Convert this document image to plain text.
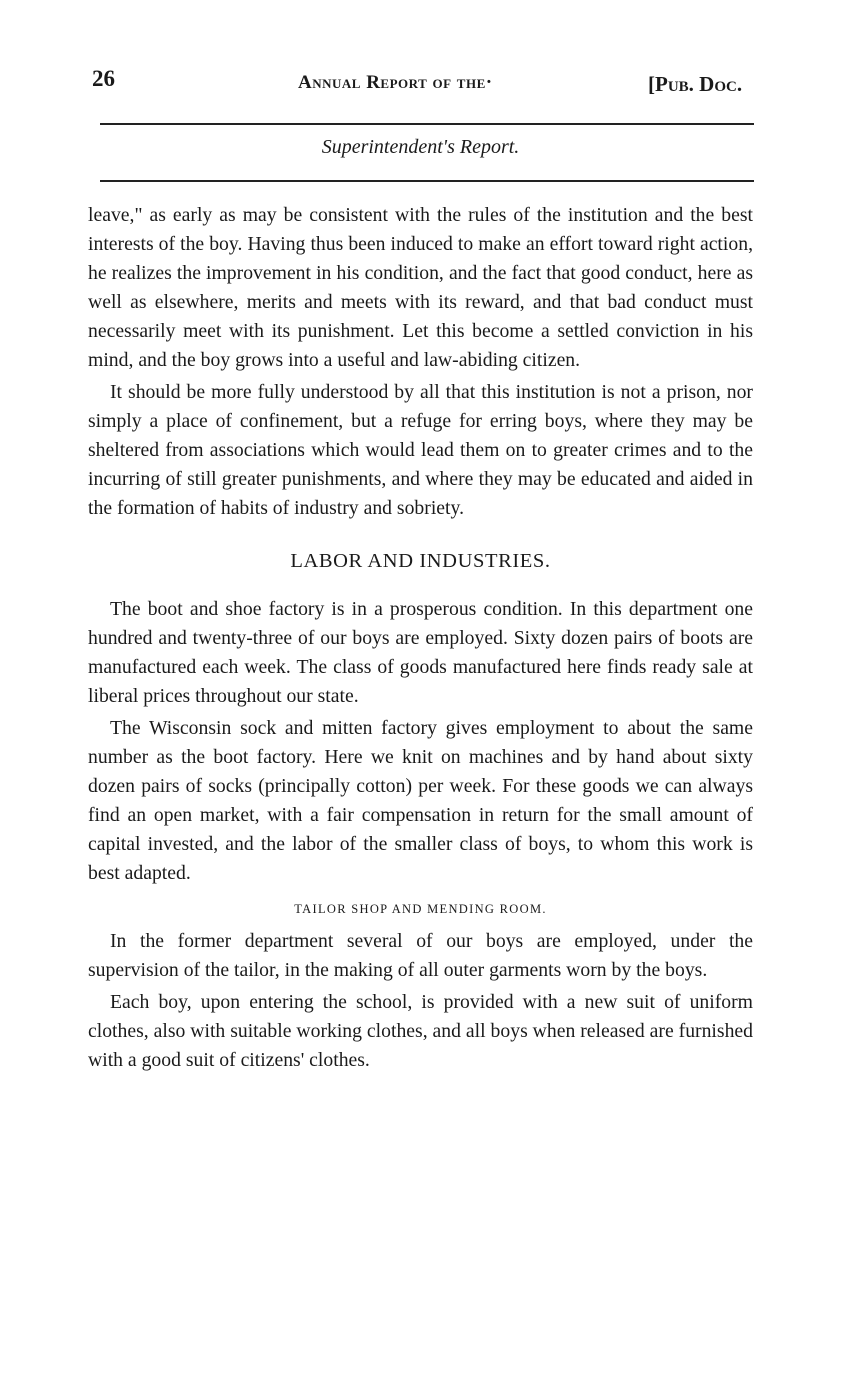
26	Annual Report of the·	[Pub. Doc.
Superintendent's Report.

leave," as early as may be consistent with the rules of the institution and the best interests of the boy. Having thus been induced to make an effort toward right action, he realizes the improvement in his condition, and the fact that good conduct, here as well as elsewhere, merits and meets with its reward, and that bad conduct must necessarily meet with its punishment. Let this become a settled conviction in his mind, and the boy grows into a useful and law-abiding citizen.

It should be more fully understood by all that this institution is not a prison, nor simply a place of confinement, but a refuge for erring boys, where they may be sheltered from associations which would lead them on to greater crimes and to the incurring of still greater punishments, and where they may be educated and aided in the formation of habits of industry and sobriety.

LABOR AND INDUSTRIES.

The boot and shoe factory is in a prosperous condition. In this department one hundred and twenty-three of our boys are employed. Sixty dozen pairs of boots are manufactured each week. The class of goods manufactured here finds ready sale at liberal prices throughout our state.

The Wisconsin sock and mitten factory gives employment to about the same number as the boot factory. Here we knit on machines and by hand about sixty dozen pairs of socks (principally cotton) per week. For these goods we can always find an open market, with a fair compensation in return for the small amount of capital invested, and the labor of the smaller class of boys, to whom this work is best adapted.

TAILOR SHOP AND MENDING ROOM.

In the former department several of our boys are employed, under the supervision of the tailor, in the making of all outer garments worn by the boys.

Each boy, upon entering the school, is provided with a new suit of uniform clothes, also with suitable working clothes, and all boys when released are furnished with a good suit of citizens' clothes.
